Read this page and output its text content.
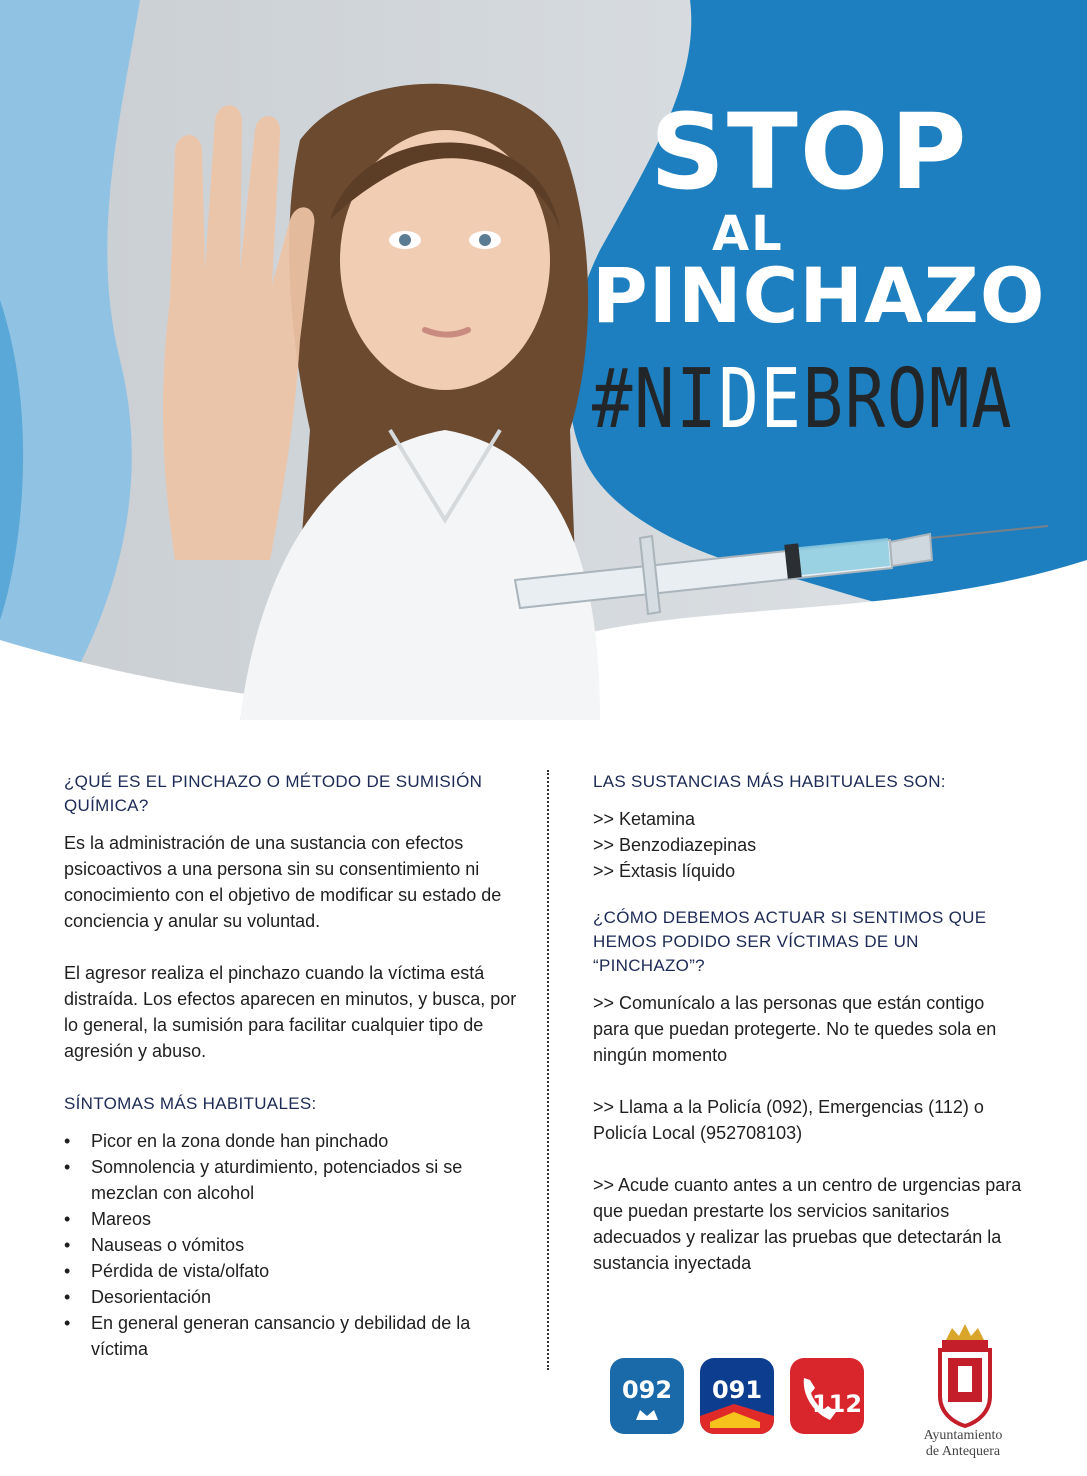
STOP
AL
PINCHAZO
#NIDEBROMA
¿QUÉ ES EL PINCHAZO O MÉTODO DE SUMISIÓN QUÍMICA?

Es la administración de una sustancia con efectos psicoactivos a una persona sin su consentimiento ni conocimiento con el objetivo de modificar su estado de conciencia y anular su voluntad.

El agresor realiza el pinchazo cuando la víctima está distraída. Los efectos aparecen en minutos, y busca, por lo general, la sumisión para facilitar cualquier tipo de agresión y abuso.

SÍNTOMAS MÁS HABITUALES:
• Picor en la zona donde han pinchado
• Somnolencia y aturdimiento, potenciados si se mezclan con alcohol
• Mareos
• Nauseas o vómitos
• Pérdida de vista/olfato
• Desorientación
• En general generan cansancio y debilidad de la víctima
LAS SUSTANCIAS MÁS HABITUALES SON:
>> Ketamina
>> Benzodiazepinas
>> Éxtasis líquido
¿CÓMO DEBEMOS ACTUAR SI SENTIMOS QUE HEMOS PODIDO SER VÍCTIMAS DE UN “PINCHAZO”?

>> Comunícalo a las personas que están contigo para que puedan protegerte. No te quedes sola en ningún momento

>> Llama a la Policía (092), Emergencias (112) o Policía Local (952708103)

>> Acude cuanto antes a un centro de urgencias para que puedan prestarte los servicios sanitarios adecuados y realizar las pruebas que detectarán la sustancia inyectada

092	091	112
Ayuntamiento
de Antequera
